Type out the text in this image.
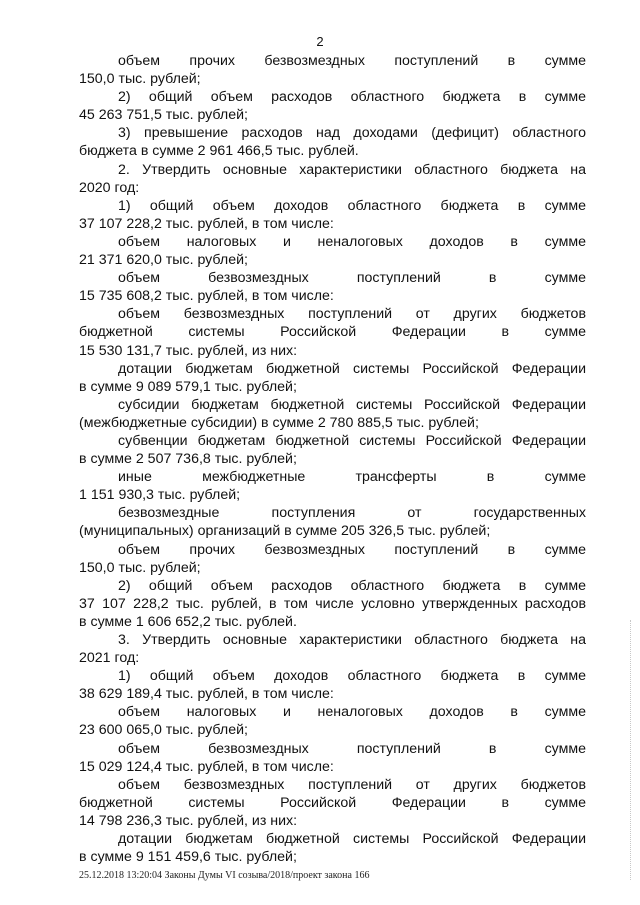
2
объем прочих безвозмездных поступлений в сумме
150,0 тыс. рублей;
2) общий объем расходов областного бюджета в сумме
45 263 751,5 тыс. рублей;
3) превышение расходов над доходами (дефицит) областного
бюджета в сумме 2 961 466,5 тыс. рублей.
2. Утвердить основные характеристики областного бюджета на
2020 год:
1) общий объем доходов областного бюджета в сумме
37 107 228,2 тыс. рублей, в том числе:
объем налоговых и неналоговых доходов в сумме
21 371 620,0 тыс. рублей;
объем безвозмездных поступлений в сумме
15 735 608,2 тыс. рублей, в том числе:
объем безвозмездных поступлений от других бюджетов
бюджетной системы Российской Федерации в сумме
15 530 131,7 тыс. рублей, из них:
дотации бюджетам бюджетной системы Российской Федерации
в сумме 9 089 579,1 тыс. рублей;
субсидии бюджетам бюджетной системы Российской Федерации
(межбюджетные субсидии) в сумме 2 780 885,5 тыс. рублей;
субвенции бюджетам бюджетной системы Российской Федерации
в сумме 2 507 736,8 тыс. рублей;
иные межбюджетные трансферты в сумме
1 151 930,3 тыс. рублей;
безвозмездные поступления от государственных
(муниципальных) организаций в сумме 205 326,5 тыс. рублей;
объем прочих безвозмездных поступлений в сумме
150,0 тыс. рублей;
2) общий объем расходов областного бюджета в сумме
37 107 228,2 тыс. рублей, в том числе условно утвержденных расходов
в сумме 1 606 652,2 тыс. рублей.
3. Утвердить основные характеристики областного бюджета на
2021 год:
1) общий объем доходов областного бюджета в сумме
38 629 189,4 тыс. рублей, в том числе:
объем налоговых и неналоговых доходов в сумме
23 600 065,0 тыс. рублей;
объем безвозмездных поступлений в сумме
15 029 124,4 тыс. рублей, в том числе:
объем безвозмездных поступлений от других бюджетов
бюджетной системы Российской Федерации в сумме
14 798 236,3 тыс. рублей, из них:
дотации бюджетам бюджетной системы Российской Федерации
в сумме 9 151 459,6 тыс. рублей;
25.12.2018 13:20:04 Законы Думы VI созыва/2018/проект закона 166
